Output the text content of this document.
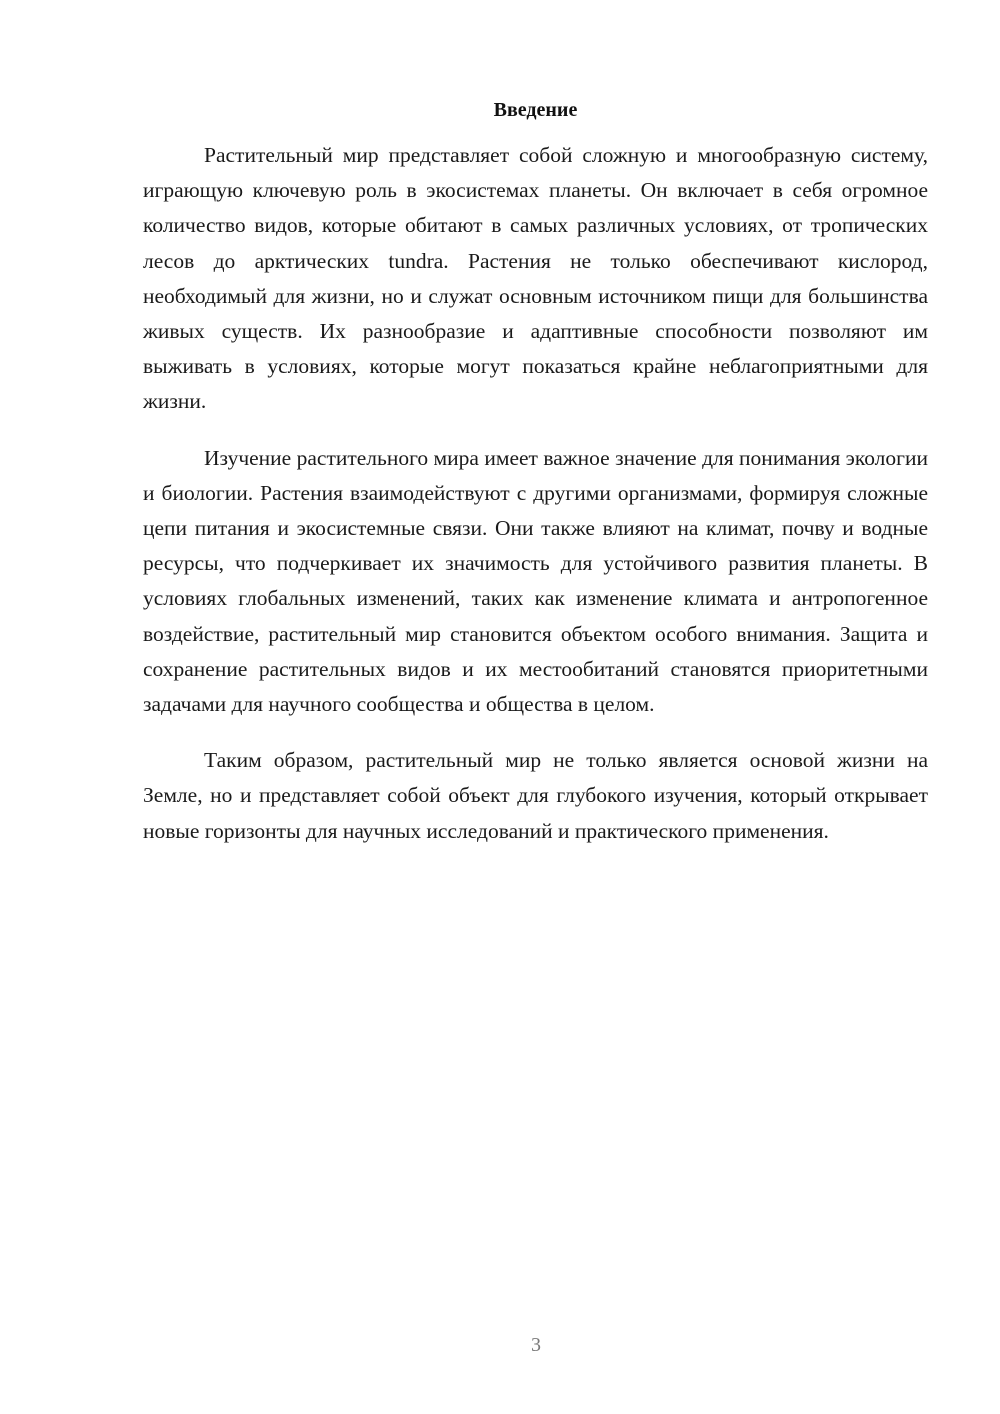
Введение

Растительный мир представляет собой сложную и многообразную систему, играющую ключевую роль в экосистемах планеты. Он включает в себя огромное количество видов, которые обитают в самых различных условиях, от тропических лесов до арктических tundra. Растения не только обеспечивают кислород, необходимый для жизни, но и служат основным источником пищи для большинства живых существ. Их разнообразие и адаптивные способности позволяют им выживать в условиях, которые могут показаться крайне неблагоприятными для жизни.

Изучение растительного мира имеет важное значение для понимания экологии и биологии. Растения взаимодействуют с другими организмами, формируя сложные цепи питания и экосистемные связи. Они также влияют на климат, почву и водные ресурсы, что подчеркивает их значимость для устойчивого развития планеты. В условиях глобальных изменений, таких как изменение климата и антропогенное воздействие, растительный мир становится объектом особого внимания. Защита и сохранение растительных видов и их местообитаний становятся приоритетными задачами для научного сообщества и общества в целом.

Таким образом, растительный мир не только является основой жизни на Земле, но и представляет собой объект для глубокого изучения, который открывает новые горизонты для научных исследований и практического применения.

3
